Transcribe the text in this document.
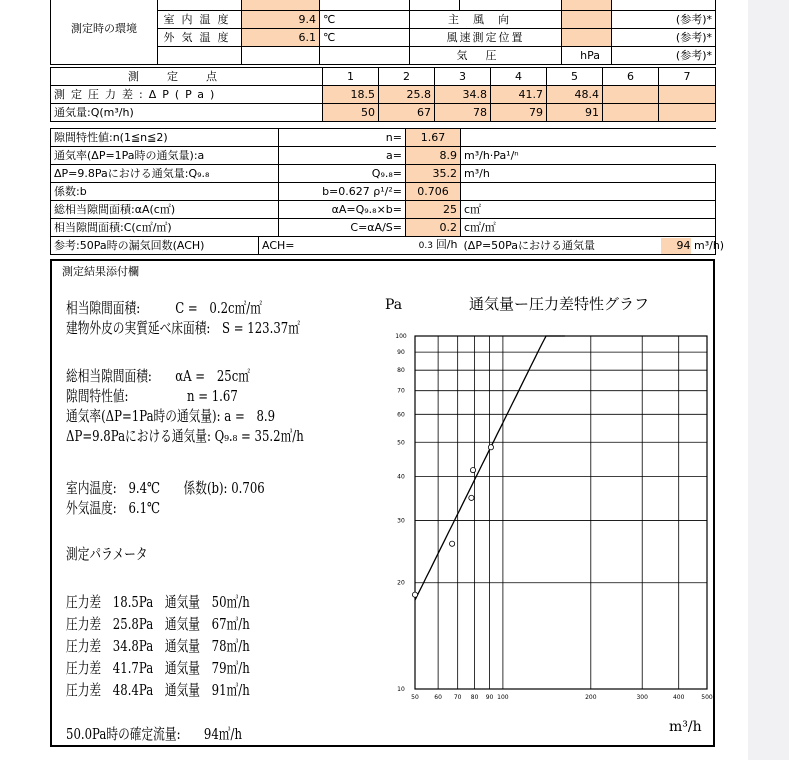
測定時の環境							
	室内温度	9.4	℃	主風向			(参考)*
	外気温度	6.1	℃	風速測定位置			(参考)*
				気圧		hPa	(参考)*
測定点	1	2	3	4	5	6	7
測定圧力差:ΔP(Pa)	18.5	25.8	34.8	41.7	48.4		
通気量:Q(m³/h)	50	67	78	79	91		
隙間特性値:n(1≦n≦2)	n=	1.67	
通気率(ΔP=1Pa時の通気量):a	a=	8.9	m³/h·Pa¹/ⁿ
ΔP=9.8Paにおける通気量:Q₉.₈	Q₉.₈=	35.2	m³/h
係数:b	b=0.627 ρ¹/²=	0.706	
総相当隙間面積:αA(c㎡)	αA=Q₉.₈×b=	25	c㎡
相当隙間面積:C(c㎡/㎡)	C=αA/S=	0.2	c㎡/㎡
参考:50Pa時の漏気回数(ACH)	ACH=	0.3 回/h	(ΔP=50Paにおける通気量	94 m³/h)
測定結果添付欄
相当隙間面積:　　　C =　0.2c㎡/㎡
建物外皮の実質延べ床面積:　S = 123.37㎡
総相当隙間面積:　　αA =　25c㎡
隙間特性値:　　　　　n = 1.67
通気率(ΔP=1Pa時の通気量): a =　8.9
ΔP=9.8Paにおける通気量: Q₉.₈ = 35.2㎥/h
室内温度:　9.4℃　　係数(b): 0.706
外気温度:　6.1℃
測定パラメータ
圧力差　18.5Pa　通気量　50㎥/h
圧力差　25.8Pa　通気量　67㎥/h
圧力差　34.8Pa　通気量　78㎥/h
圧力差　41.7Pa　通気量　79㎥/h
圧力差　48.4Pa　通気量　91㎥/h
50.0Pa時の確定流量:　　94㎥/h
50	60 70 80 90 100	200	300	400	500
10
20
30
40
50
60
70
80
90
100
通気量ー圧力差特性グラフ
Pa
m³/h
